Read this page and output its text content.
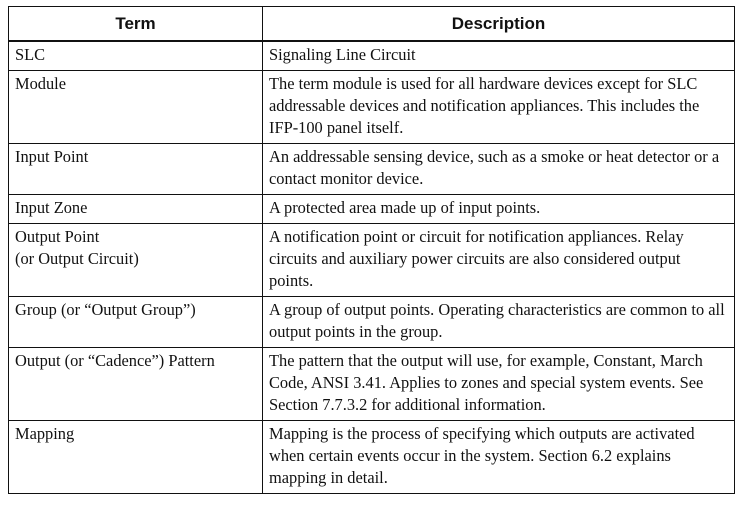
Term	Description

SLC	Signaling Line Circuit

Module	The term module is used for all hardware devices except for SLC addressable devices and notification appliances. This includes the IFP-100 panel itself.

Input Point	An addressable sensing device, such as a smoke or heat detector or a contact monitor device.

Input Zone	A protected area made up of input points.

Output Point
(or Output Circuit)	A notification point or circuit for notification appliances. Relay circuits and auxiliary power circuits are also considered output points.

Group (or “Output Group”)	A group of output points. Operating characteristics are common to all output points in the group.

Output (or “Cadence”) Pattern	The pattern that the output will use, for example, Constant, March Code, ANSI 3.41. Applies to zones and special system events. See Section 7.7.3.2 for additional information.

Mapping	Mapping is the process of specifying which outputs are activated when certain events occur in the system. Section 6.2 explains mapping in detail.
